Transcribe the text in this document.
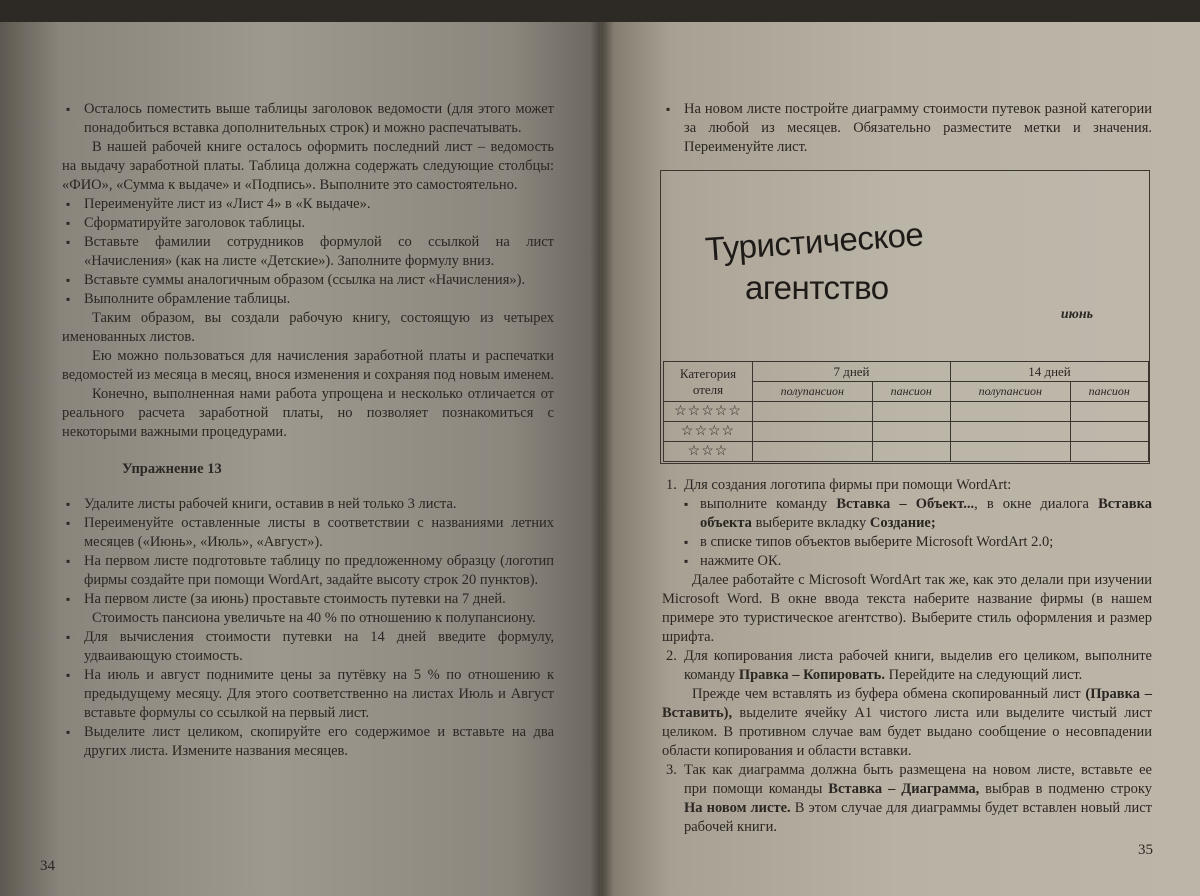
▪ Осталось поместить выше таблицы заголовок ведомости (для этого может понадобиться вставка дополнительных строк) и можно распечатывать.
В нашей рабочей книге осталось оформить последний лист – ведомость на выдачу заработной платы. Таблица должна содержать следующие столбцы: «ФИО», «Сумма к выдаче» и «Подпись». Выполните это самостоятельно.
▪ Переименуйте лист из «Лист 4» в «К выдаче».
▪ Сформатируйте заголовок таблицы.
▪ Вставьте фамилии сотрудников формулой со ссылкой на лист «Начисления» (как на листе «Детские»). Заполните формулу вниз.
▪ Вставьте суммы аналогичным образом (ссылка на лист «Начисления»).
▪ Выполните обрамление таблицы.
Таким образом, вы создали рабочую книгу, состоящую из четырех именованных листов.
Ею можно пользоваться для начисления заработной платы и распечатки ведомостей из месяца в месяц, внося изменения и сохраняя под новым именем.
Конечно, выполненная нами работа упрощена и несколько отличается от реального расчета заработной платы, но позволяет познакомиться с некоторыми важными процедурами.
Упражнение 13
▪ Удалите листы рабочей книги, оставив в ней только 3 листа.
▪ Переименуйте оставленные листы в соответствии с названиями летних месяцев («Июнь», «Июль», «Август»).
▪ На первом листе подготовьте таблицу по предложенному образцу (логотип фирмы создайте при помощи WordArt, задайте высоту строк 20 пунктов).
▪ На первом листе (за июнь) проставьте стоимость путевки на 7 дней.
Стоимость пансиона увеличьте на 40 % по отношению к полупансиону.
▪ Для вычисления стоимости путевки на 14 дней введите формулу, удваивающую стоимость.
▪ На июль и август поднимите цены за путёвку на 5 % по отношению к предыдущему месяцу. Для этого соответственно на листах Июль и Август вставьте формулы со ссылкой на первый лист.
▪ Выделите лист целиком, скопируйте его содержимое и вставьте на два других листа. Измените названия месяцев.
34
▪ На новом листе постройте диаграмму стоимости путевок разной категории за любой из месяцев. Обязательно разместите метки и значения. Переименуйте лист.
Туристическое
агентство
июнь
Категория
отеля	7 дней		14 дней	
	полупансион	пансион	полупансион	пансион
☆☆☆☆☆				
☆☆☆☆				
☆☆☆				
1. Для создания логотипа фирмы при помощи WordArt:
▪ выполните команду Вставка – Объект..., в окне диалога Вставка объекта выберите вкладку Создание;
▪ в списке типов объектов выберите Microsoft WordArt 2.0;
▪ нажмите ОК.
Далее работайте с Microsoft WordArt так же, как это делали при изучении Microsoft Word. В окне ввода текста наберите название фирмы (в нашем примере это туристическое агентство). Выберите стиль оформления и размер шрифта.
2. Для копирования листа рабочей книги, выделив его целиком, выполните команду Правка – Копировать. Перейдите на следующий лист.
Прежде чем вставлять из буфера обмена скопированный лист (Правка – Вставить), выделите ячейку А1 чистого листа или выделите чистый лист целиком. В противном случае вам будет выдано сообщение о несовпадении области копирования и области вставки.
3. Так как диаграмма должна быть размещена на новом листе, вставьте ее при помощи команды Вставка – Диаграмма, выбрав в подменю строку На новом листе. В этом случае для диаграммы будет вставлен новый лист рабочей книги.
35
